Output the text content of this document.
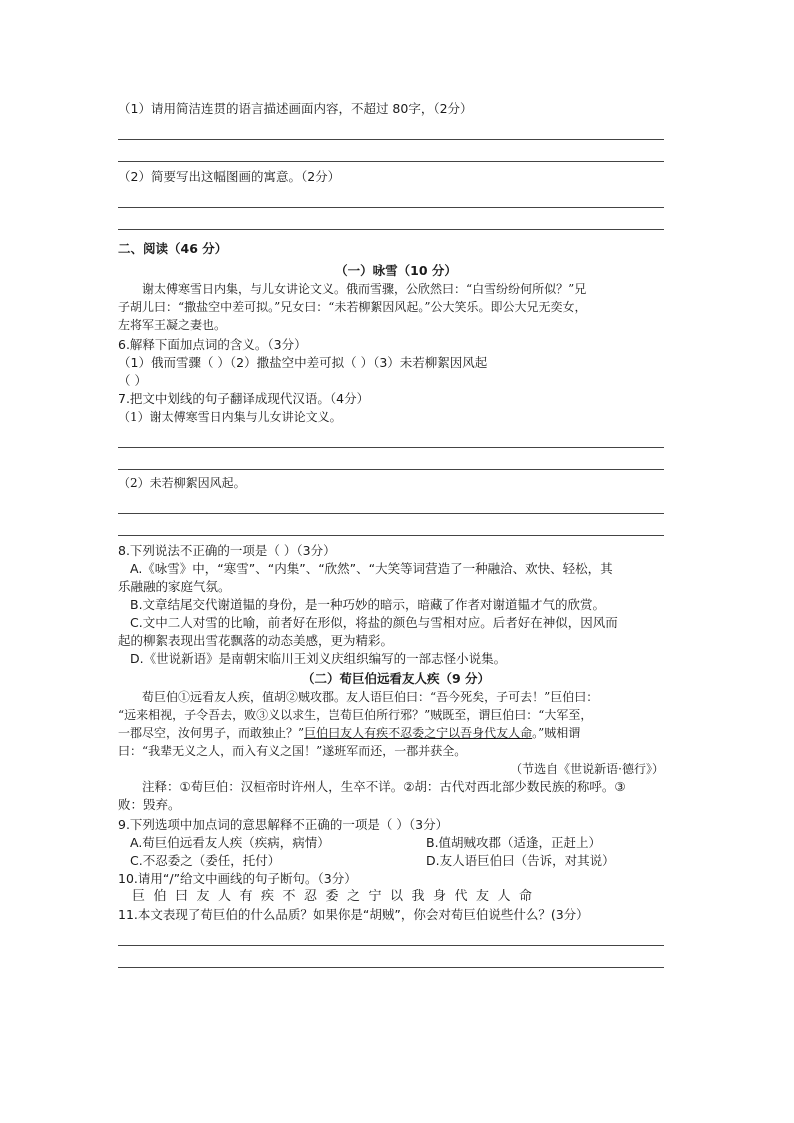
（1）请用简洁连贯的语言描述画面内容，不超过 80字，（2分）
（2）简要写出这幅图画的寓意。（2分）
二、阅读（46 分）
（一）咏雪（10 分）
谢太傅寒雪日内集，与儿女讲论文义。俄而雪骤，公欣然曰：“白雪纷纷何所似？”兄
子胡儿曰：“撒盐空中差可拟。”兄女曰：“未若柳絮因风起。”公大笑乐。即公大兄无奕女，
左将军王凝之妻也。
6.解释下面加点词的含义。（3分）
（1）俄而雪骤（ ）（2）撒盐空中差可拟（ ）（3）未若柳絮因风起
（ ）
7.把文中划线的句子翻译成现代汉语。（4分）
（1）谢太傅寒雪日内集与儿女讲论文义。
（2）未若柳絮因风起。
8.下列说法不正确的一项是（ ）（3分）
A.《咏雪》中，“寒雪”、“内集”、“欣然”、“大笑等词营造了一种融洽、欢快、轻松，其
乐融融的家庭气氛。
B.文章结尾交代谢道韫的身份，是一种巧妙的暗示，暗藏了作者对谢道韫才气的欣赏。
C.文中二人对雪的比喻，前者好在形似，将盐的颜色与雪相对应。后者好在神似，因风而
起的柳絮表现出雪花飘落的动态美感，更为精彩。
D.《世说新语》是南朝宋临川王刘义庆组织编写的一部志怪小说集。
（二）荀巨伯远看友人疾（9 分）
荀巨伯①远看友人疾，值胡②贼攻郡。友人语巨伯曰：“吾今死矣，子可去！”巨伯曰：
“远来相视，子令吾去，败③义以求生，岂荀巨伯所行邪？”贼既至，谓巨伯曰：“大军至，
一郡尽空，汝何男子，而敢独止？”巨伯曰友人有疾不忍委之宁以吾身代友人命。”贼相谓
曰：“我辈无义之人，而入有义之国！”遂班军而还，一郡并获全。
（节选自《世说新语·德行》）
注释：①荀巨伯：汉桓帝时许州人，生卒不详。②胡：古代对西北部少数民族的称呼。③
败：毁弃。
9.下列选项中加点词的意思解释不正确的一项是（ ）（3分）
A.荀巨伯远看友人疾（疾病，病情）	B.值胡贼攻郡（适逢，正赶上）
C.不忍委之（委任，托付）	D.友人语巨伯曰（告诉，对其说）
10.请用“/”给文中画线的句子断句。（3分）
巨伯曰友人有疾不忍委之宁以我身代友人命
11.本文表现了荀巨伯的什么品质？如果你是“胡贼”，你会对荀巨伯说些什么？(3分）
